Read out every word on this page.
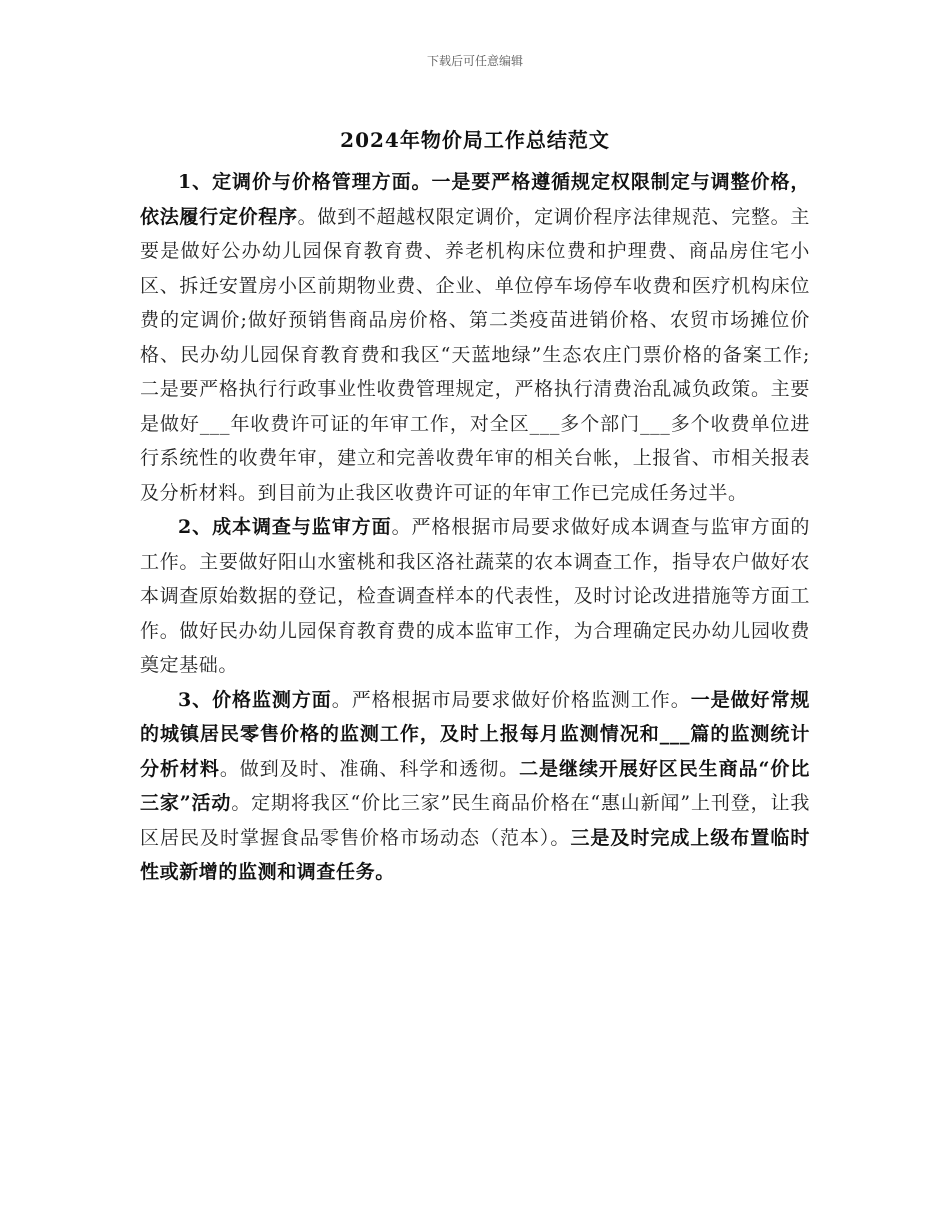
下载后可任意编辑
2024年物价局工作总结范文

1、定调价与价格管理方面。一是要严格遵循规定权限制定与调整价格，依法履行定价程序。做到不超越权限定调价，定调价程序法律规范、完整。主要是做好公办幼儿园保育教育费、养老机构床位费和护理费、商品房住宅小区、拆迁安置房小区前期物业费、企业、单位停车场停车收费和医疗机构床位费的定调价;做好预销售商品房价格、第二类疫苗进销价格、农贸市场摊位价格、民办幼儿园保育教育费和我区“天蓝地绿”生态农庄门票价格的备案工作;二是要严格执行行政事业性收费管理规定，严格执行清费治乱减负政策。主要是做好___年收费许可证的年审工作，对全区___多个部门___多个收费单位进行系统性的收费年审，建立和完善收费年审的相关台帐，上报省、市相关报表及分析材料。到目前为止我区收费许可证的年审工作已完成任务过半。

2、成本调查与监审方面。严格根据市局要求做好成本调查与监审方面的工作。主要做好阳山水蜜桃和我区洛社蔬菜的农本调查工作，指导农户做好农本调查原始数据的登记，检查调查样本的代表性，及时讨论改进措施等方面工作。做好民办幼儿园保育教育费的成本监审工作，为合理确定民办幼儿园收费奠定基础。

3、价格监测方面。严格根据市局要求做好价格监测工作。一是做好常规的城镇居民零售价格的监测工作，及时上报每月监测情况和___篇的监测统计分析材料。做到及时、准确、科学和透彻。二是继续开展好区民生商品“价比三家”活动。定期将我区“价比三家”民生商品价格在“惠山新闻”上刊登，让我区居民及时掌握食品零售价格市场动态（范本）。三是及时完成上级布置临时性或新增的监测和调查任务。
